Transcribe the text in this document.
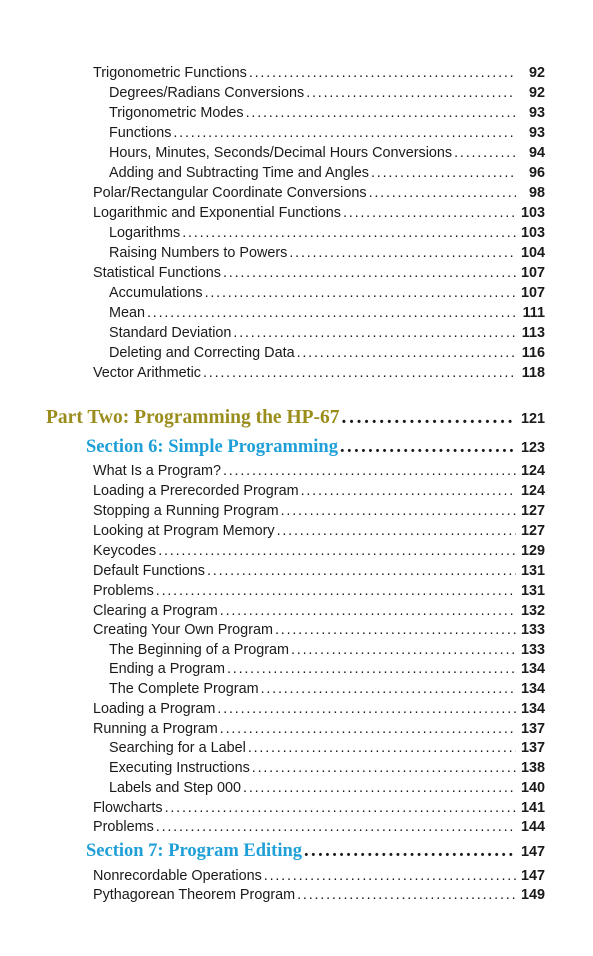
Trigonometric Functions . . .	92
Degrees/Radians Conversions . . .	92
Trigonometric Modes . . .	93
Functions . . .	93
Hours, Minutes, Seconds/Decimal Hours Conversions . . .	94
Adding and Subtracting Time and Angles . . .	96
Polar/Rectangular Coordinate Conversions . . .	98
Logarithmic and Exponential Functions . . .	103
Logarithms . . .	103
Raising Numbers to Powers . . .	104
Statistical Functions . . .	107
Accumulations . . .	107
Mean . . .	111
Standard Deviation . . .	113
Deleting and Correcting Data . . .	116
Vector Arithmetic . . .	118
Part Two: Programming the HP-67 . . .	121
Section 6: Simple Programming . . .	123
What Is a Program? . . .	124
Loading a Prerecorded Program . . .	124
Stopping a Running Program . . .	127
Looking at Program Memory . . .	127
Keycodes . . .	129
Default Functions . . .	131
Problems . . .	131
Clearing a Program . . .	132
Creating Your Own Program . . .	133
The Beginning of a Program . . .	133
Ending a Program . . .	134
The Complete Program . . .	134
Loading a Program . . .	134
Running a Program . . .	137
Searching for a Label . . .	137
Executing Instructions . . .	138
Labels and Step 000 . . .	140
Flowcharts . . .	141
Problems . . .	144
Section 7: Program Editing . . .	147
Nonrecordable Operations . . .	147
Pythagorean Theorem Program . . .	149
